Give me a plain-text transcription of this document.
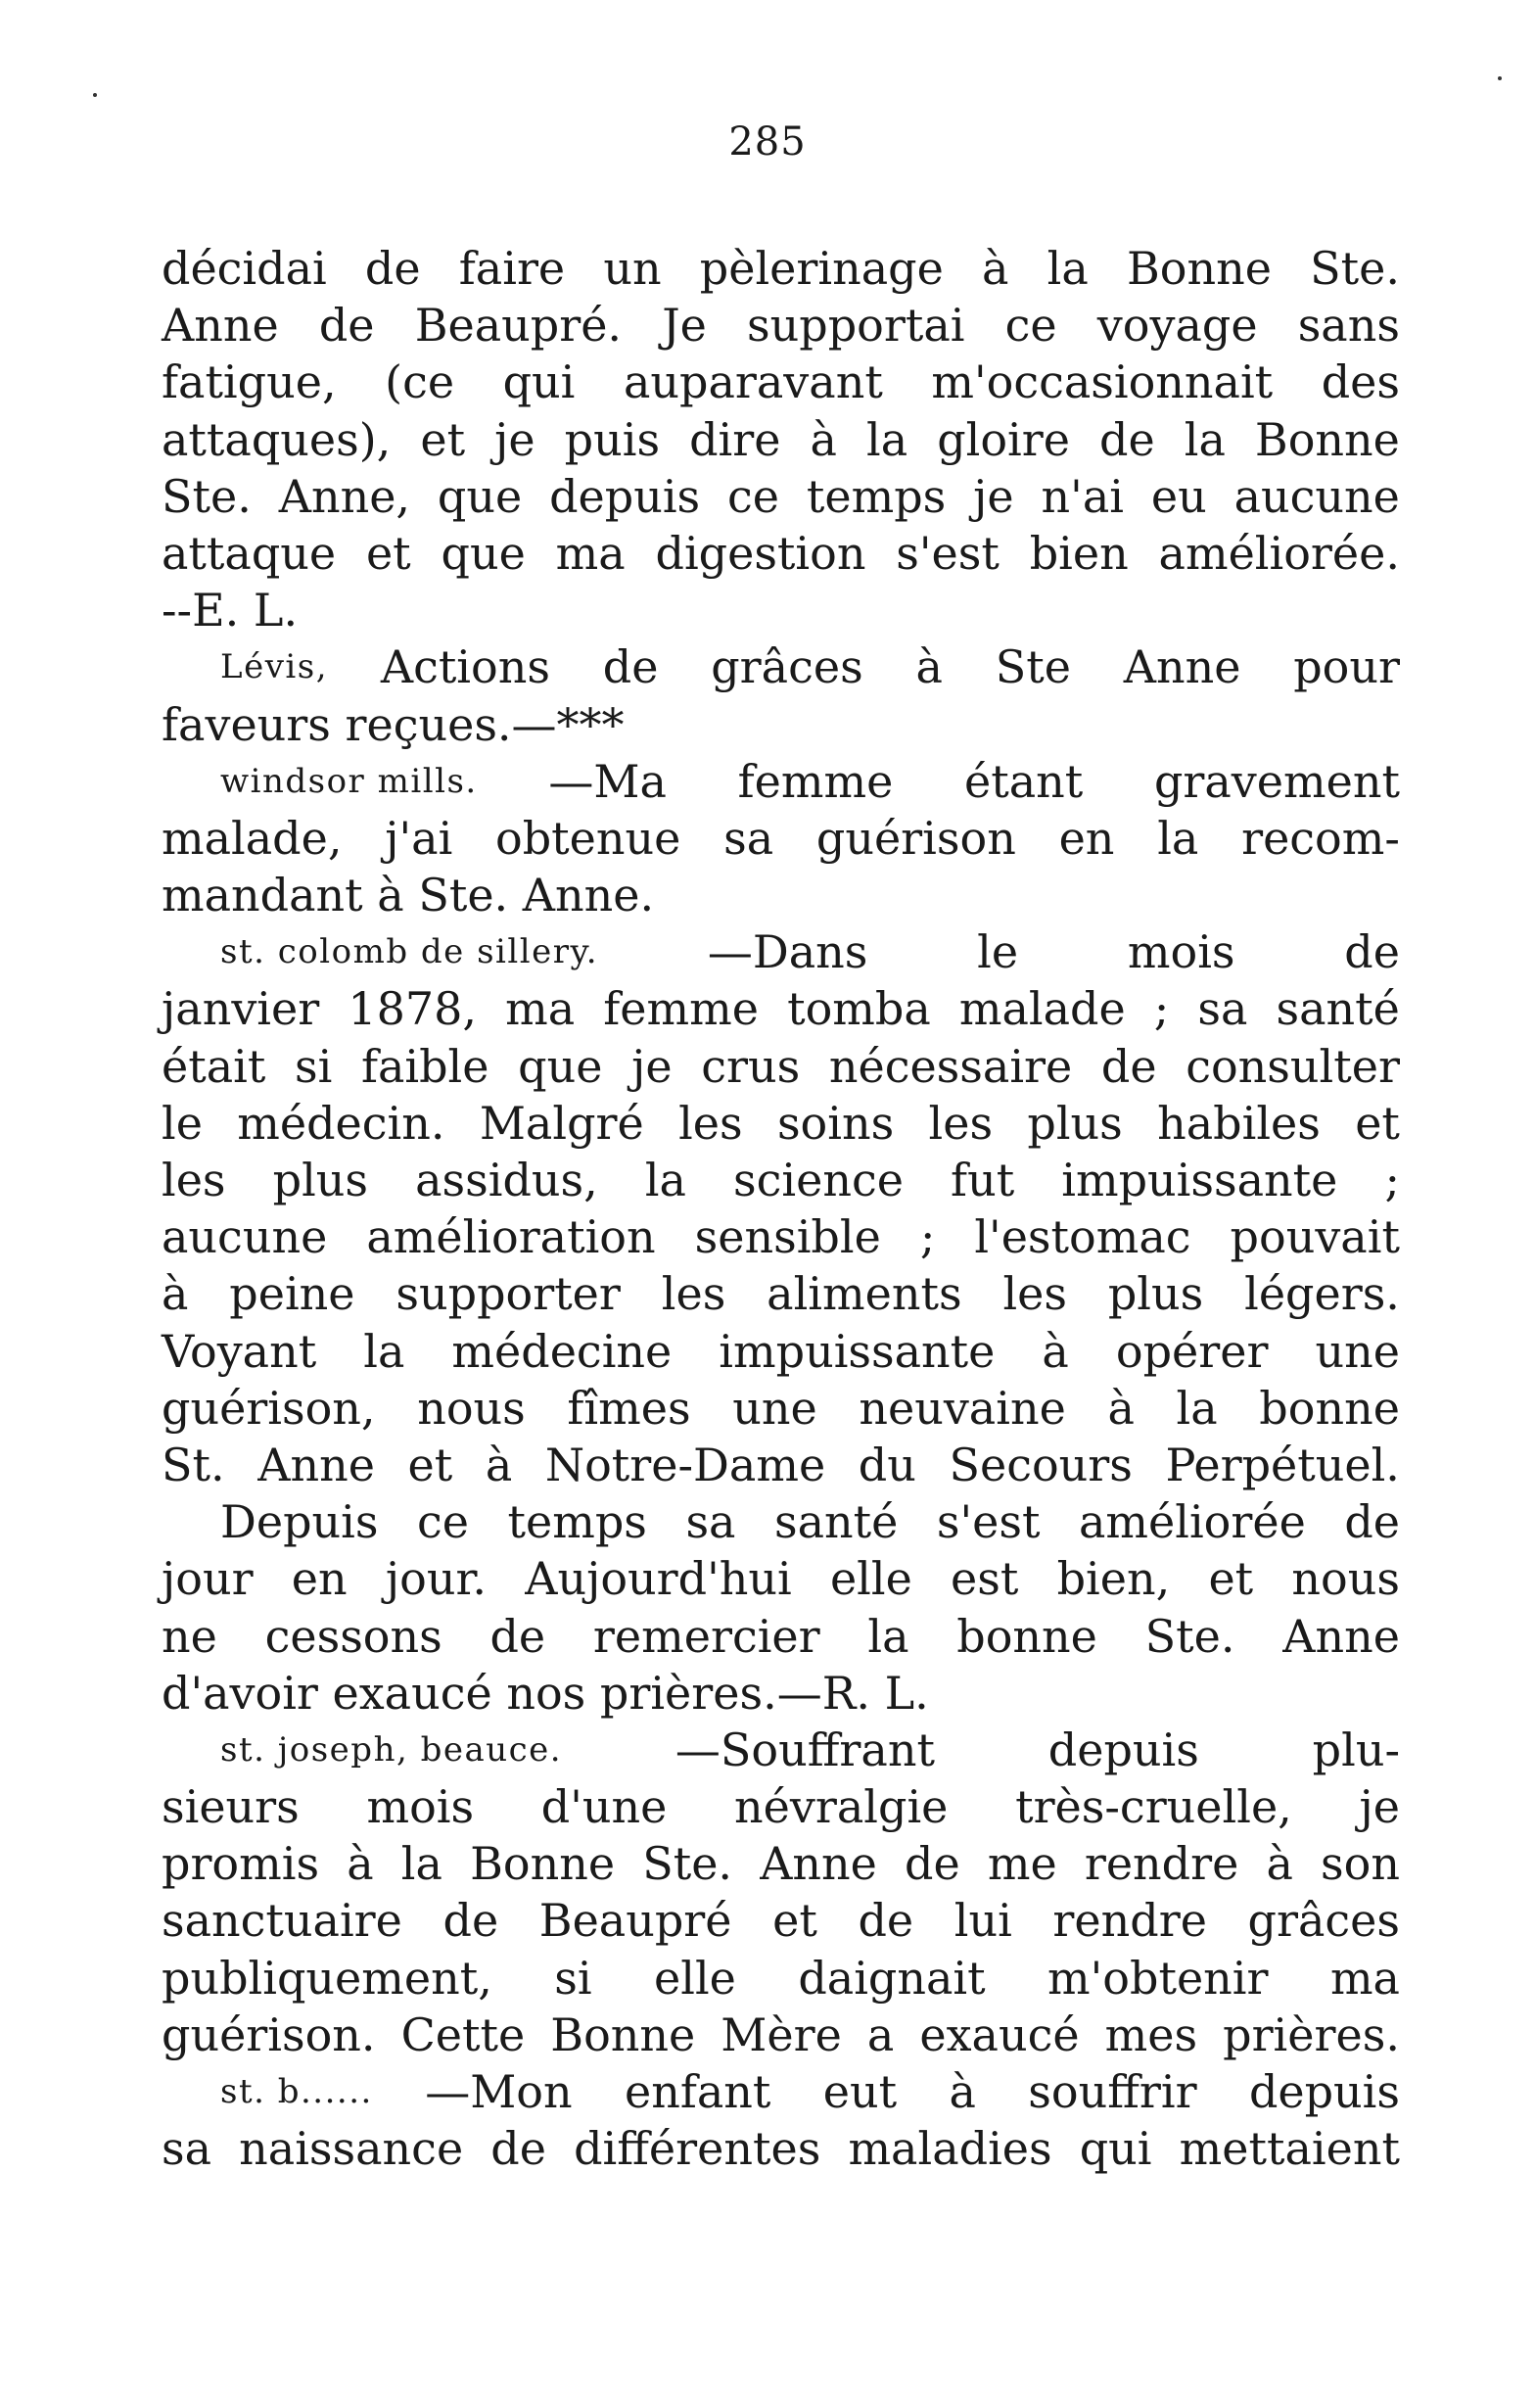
285
décidai de faire un pèlerinage à la Bonne Ste.
Anne de Beaupré. Je supportai ce voyage sans
fatigue, (ce qui auparavant m'occasionnait des
attaques), et je puis dire à la gloire de la Bonne
Ste. Anne, que depuis ce temps je n'ai eu aucune
attaque et que ma digestion s'est bien améliorée.
--E. L.
Lévis, Actions de grâces à Ste Anne pour
faveurs reçues.—***
windsor mills. —Ma femme étant gravement
malade, j'ai obtenue sa guérison en la recom-
mandant à Ste. Anne.
st. colomb de sillery. —Dans le mois de
janvier 1878, ma femme tomba malade ; sa santé
était si faible que je crus nécessaire de consulter
le médecin. Malgré les soins les plus habiles et
les plus assidus, la science fut impuissante ;
aucune amélioration sensible ; l'estomac pouvait
à peine supporter les aliments les plus légers.
Voyant la médecine impuissante à opérer une
guérison, nous fîmes une neuvaine à la bonne
St. Anne et à Notre-Dame du Secours Perpétuel.
Depuis ce temps sa santé s'est améliorée de
jour en jour. Aujourd'hui elle est bien, et nous
ne cessons de remercier la bonne Ste. Anne
d'avoir exaucé nos prières.—R. L.
st. joseph, beauce.	—Souffrant	depuis	plu-
sieurs mois d'une névralgie très-cruelle, je
promis à la Bonne Ste. Anne de me rendre à son
sanctuaire de Beaupré et de lui rendre grâces
publiquement, si elle daignait m'obtenir ma
guérison. Cette Bonne Mère a exaucé mes prières.
st. b...... —Mon enfant eut à souffrir depuis
sa naissance de différentes maladies qui mettaient
